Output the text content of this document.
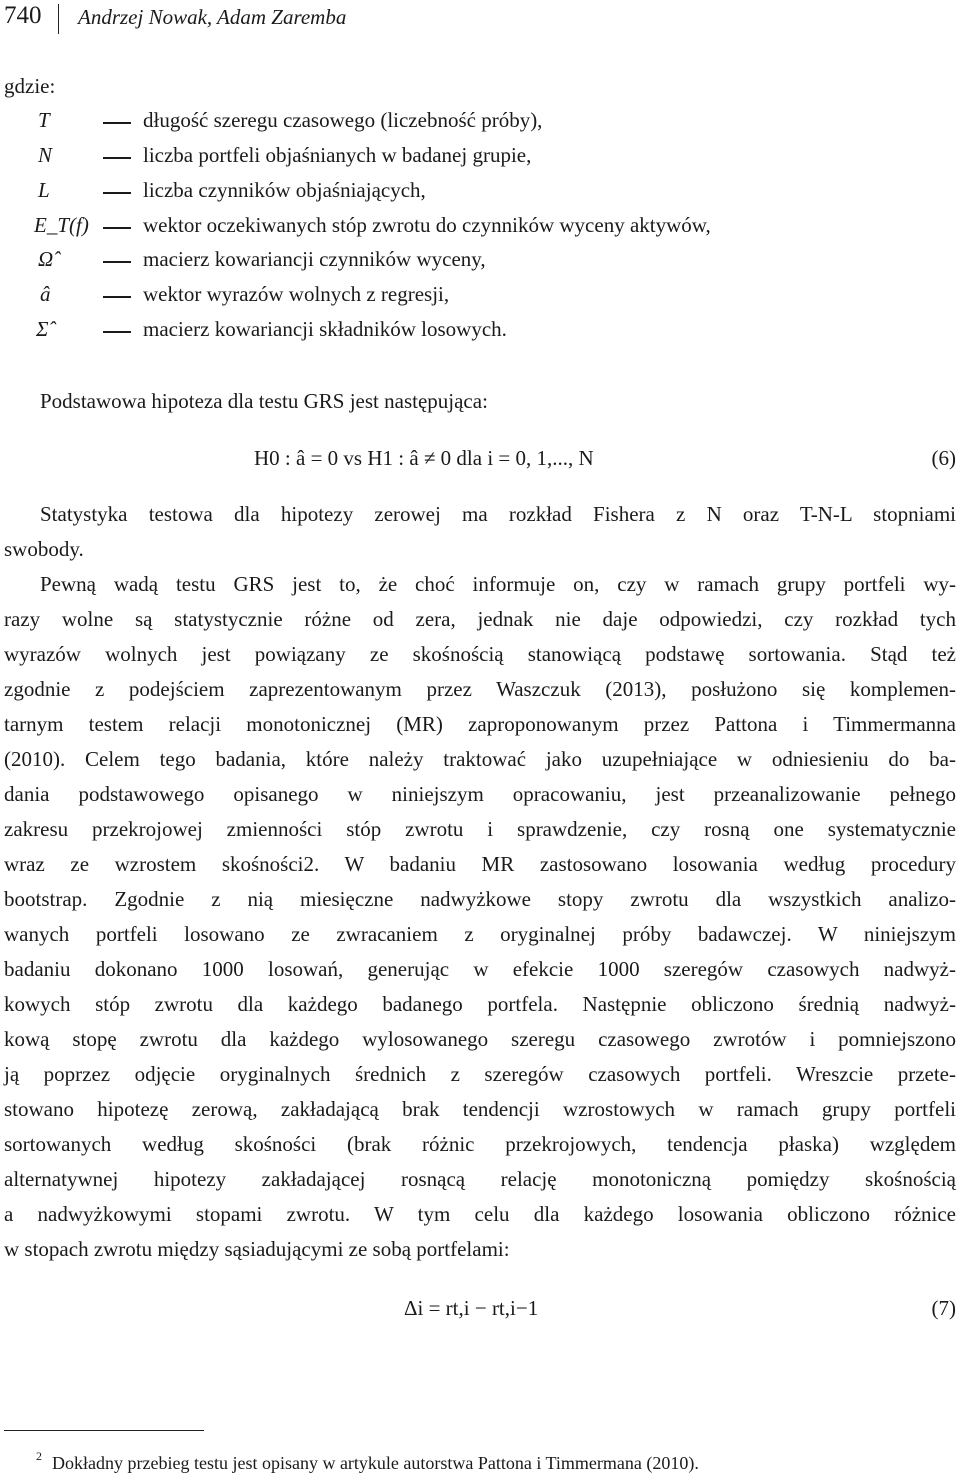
740 Andrzej Nowak, Adam Zaremba
gdzie:
T	długość szeregu czasowego (liczebność próby),
N	liczba portfeli objaśnianych w badanej grupie,
L	liczba czynników objaśniających,
E_T(f)	wektor oczekiwanych stóp zwrotu do czynników wyceny aktywów,
Ω̂	macierz kowariancji czynników wyceny,
â	wektor wyrazów wolnych z regresji,
Σ̂	macierz kowariancji składników losowych.
Podstawowa hipoteza dla testu GRS jest następująca:
H0 : â = 0 vs H1 : â ≠ 0 dla i = 0, 1,..., N	(6)
Statystyka testowa dla hipotezy zerowej ma rozkład Fishera z N oraz T-N-L stopniami
swobody.
Pewną wadą testu GRS jest to, że choć informuje on, czy w ramach grupy portfeli wy-
razy wolne są statystycznie różne od zera, jednak nie daje odpowiedzi, czy rozkład tych
wyrazów wolnych jest powiązany ze skośnością stanowiącą podstawę sortowania. Stąd też
zgodnie z podejściem zaprezentowanym przez Waszczuk (2013), posłużono się komplemen-
tarnym testem relacji monotonicznej (MR) zaproponowanym przez Pattona i Timmermanna
(2010). Celem tego badania, które należy traktować jako uzupełniające w odniesieniu do ba-
dania podstawowego opisanego w niniejszym opracowaniu, jest przeanalizowanie pełnego
zakresu przekrojowej zmienności stóp zwrotu i sprawdzenie, czy rosną one systematycznie
wraz ze wzrostem skośności2. W badaniu MR zastosowano losowania według procedury
bootstrap. Zgodnie z nią miesięczne nadwyżkowe stopy zwrotu dla wszystkich analizo-
wanych portfeli losowano ze zwracaniem z oryginalnej próby badawczej. W niniejszym
badaniu dokonano 1000 losowań, generując w efekcie 1000 szeregów czasowych nadwyż-
kowych stóp zwrotu dla każdego badanego portfela. Następnie obliczono średnią nadwyż-
kową stopę zwrotu dla każdego wylosowanego szeregu czasowego zwrotów i pomniejszono
ją poprzez odjęcie oryginalnych średnich z szeregów czasowych portfeli. Wreszcie przete-
stowano hipotezę zerową, zakładającą brak tendencji wzrostowych w ramach grupy portfeli
sortowanych według skośności (brak różnic przekrojowych, tendencja płaska) względem
alternatywnej hipotezy zakładającej rosnącą relację monotoniczną pomiędzy skośnością
a nadwyżkowymi stopami zwrotu. W tym celu dla każdego losowania obliczono różnice
w stopach zwrotu między sąsiadującymi ze sobą portfelami:
Δi = rt,i − rt,i−1	(7)
2 Dokładny przebieg testu jest opisany w artykule autorstwa Pattona i Timmermana (2010).
